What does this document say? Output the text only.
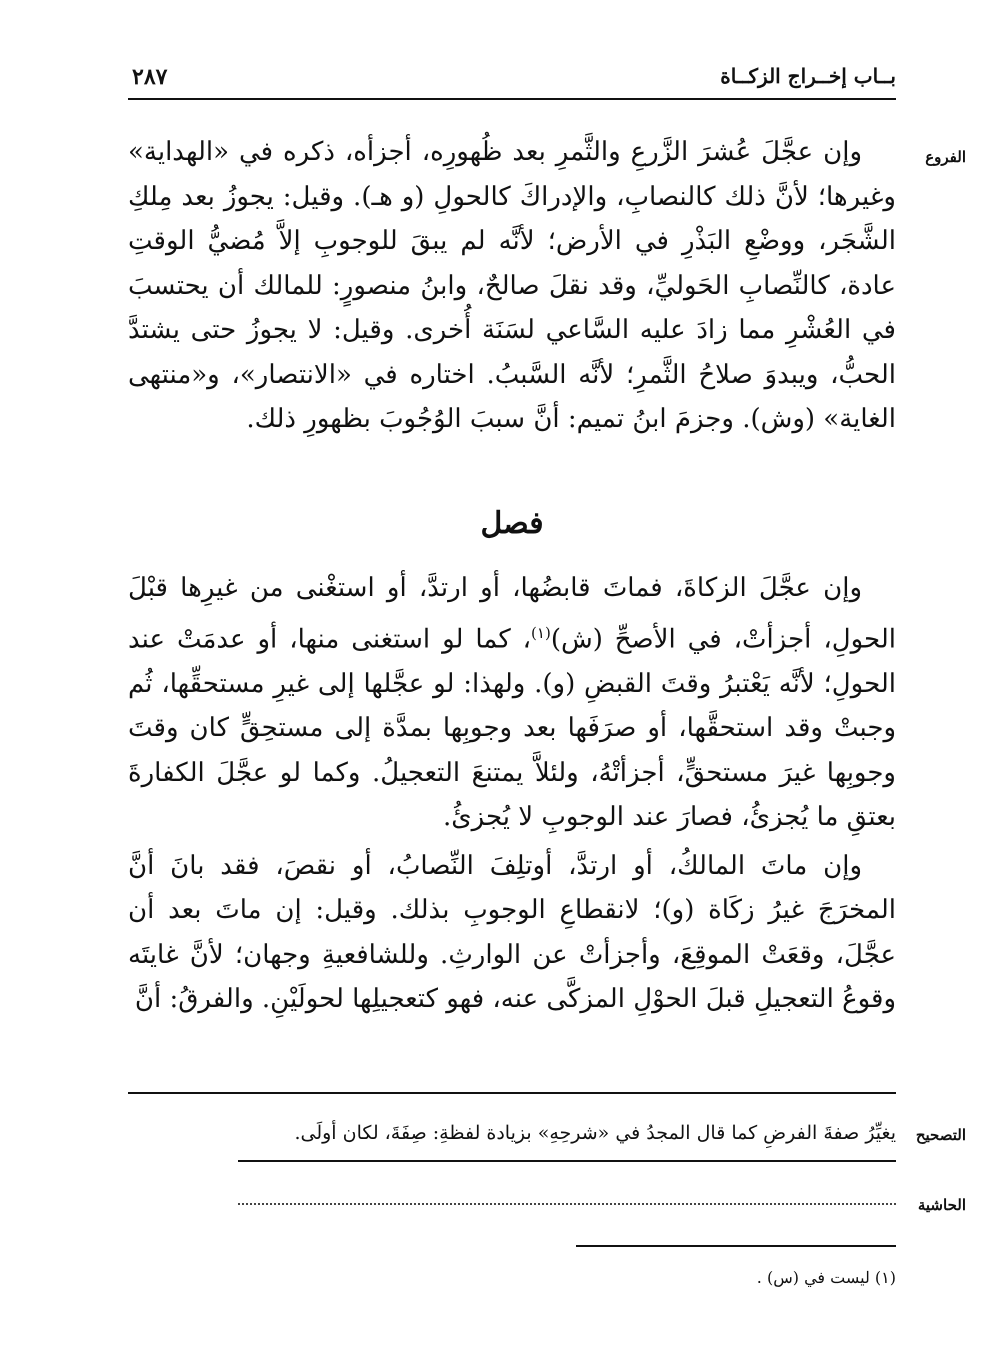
٢٨٧	بــاب إخــراج الزكــاة
الفروع

وإن عجَّلَ عُشرَ الزَّرعِ والثَّمرِ بعد ظُهورِه، أجزأه، ذكره في «الهداية» وغيرها؛ لأنَّ ذلك كالنصابِ، والإدراكَ كالحولِ (و هـ). وقيل: يجوزُ بعد مِلكِ الشَّجَر، ووضْعِ البَذْرِ في الأرض؛ لأنَّه لم يبقَ للوجوبِ إلاَّ مُضيُّ الوقتِ عادة، كالنِّصابِ الحَوليِّ، وقد نقلَ صالحٌ، وابنُ منصورٍ: للمالك أن يحتسبَ في العُشْرِ مما زادَ عليه السَّاعي لسَنَة أُخرى. وقيل: لا يجوزُ حتى يشتدَّ الحبُّ، ويبدوَ صلاحُ الثَّمرِ؛ لأنَّه السَّببُ. اختاره في «الانتصار»، و«منتهى الغاية» (وش). وجزمَ ابنُ تميم: أنَّ سببَ الوُجُوبَ بظهورِ ذلك.

فصل

وإن عجَّلَ الزكاةَ، فماتَ قابضُها، أو ارتدَّ، أو استغْنى من غيرِها قبْلَ الحولِ، أجزأتْ، في الأصحِّ (ش)$^{(١)}$، كما لو استغنى منها، أو عدمَتْ عند الحولِ؛ لأنَّه يَعْتبرُ وقتَ القبضِ (و). ولهذا: لو عجَّلها إلى غيرِ مستحقِّها، ثُم وجبتْ وقد استحقَّها، أو صرَفَها بعد وجوبِها بمدَّة إلى مستحِقٍّ كان وقتَ وجوبِها غيرَ مستحقٍّ، أجزأتْهُ، ولئلاَّ يمتنعَ التعجيلُ. وكما لو عجَّلَ الكفارةَ بعتقِ ما يُجزئُ، فصارَ عند الوجوبِ لا يُجزئُ.

وإن ماتَ المالكُ، أو ارتدَّ، أوتلِفَ النِّصابُ، أو نقصَ، فقد بانَ أنَّ المخرَجَ غيرُ زكَاة (و)؛ لانقطاعِ الوجوبِ بذلك. وقيل: إن ماتَ بعد أن عجَّلَ، وقعَتْ الموقِعَ، وأجزأتْ عن الوارثِ. وللشافعيةِ وجهان؛ لأنَّ غايتَه وقوعُ التعجيلِ قبلَ الحوْلِ المزكَّى عنه، فهو كتعجيلِها لحولَيْنِ. والفرقُ: أنَّ

التصحيح
يغيِّرُ صفةَ الفرضِ كما قال المجدُ في «شرحِهِ» بزيادة لفظةِ: صِفَةَ، لكان أولَى.
الحاشية
(١) ليست في (س) .
